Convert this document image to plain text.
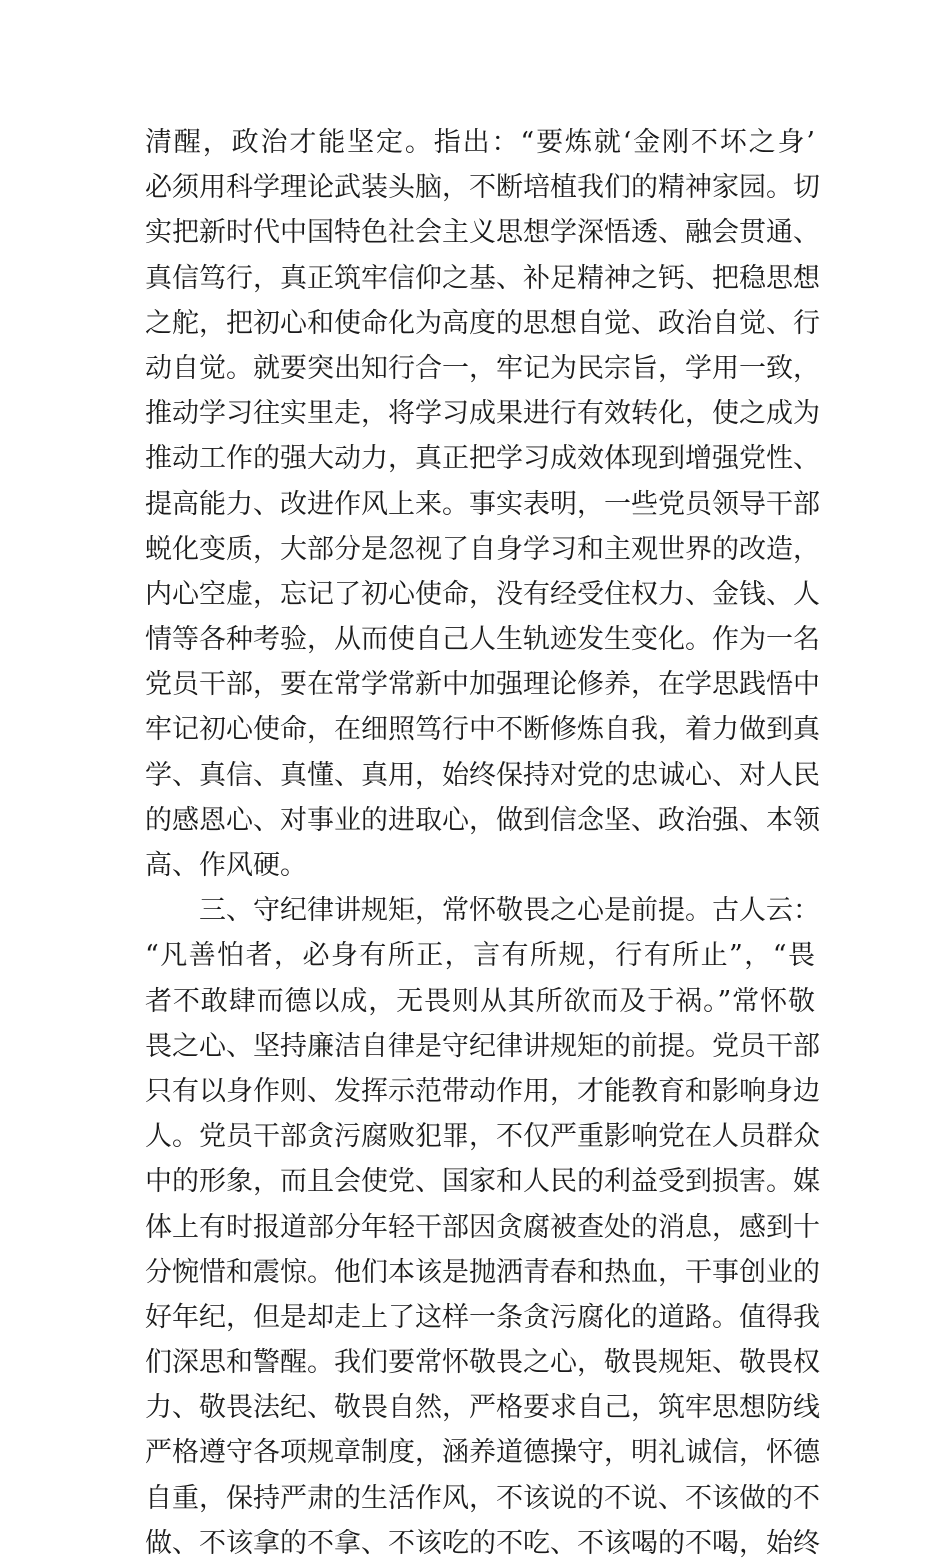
清醒，政治才能坚定。指出：“要炼就‘金刚不坏之身’
必须用科学理论武装头脑，不断培植我们的精神家园。切
实把新时代中国特色社会主义思想学深悟透、融会贯通、
真信笃行，真正筑牢信仰之基、补足精神之钙、把稳思想
之舵，把初心和使命化为高度的思想自觉、政治自觉、行
动自觉。就要突出知行合一，牢记为民宗旨，学用一致，
推动学习往实里走，将学习成果进行有效转化，使之成为
推动工作的强大动力，真正把学习成效体现到增强党性、
提高能力、改进作风上来。事实表明，一些党员领导干部
蜕化变质，大部分是忽视了自身学习和主观世界的改造，
内心空虚，忘记了初心使命，没有经受住权力、金钱、人
情等各种考验，从而使自己人生轨迹发生变化。作为一名
党员干部，要在常学常新中加强理论修养，在学思践悟中
牢记初心使命，在细照笃行中不断修炼自我，着力做到真
学、真信、真懂、真用，始终保持对党的忠诚心、对人民
的感恩心、对事业的进取心，做到信念坚、政治强、本领
高、作风硬。
　　三、守纪律讲规矩，常怀敬畏之心是前提。古人云：
“凡善怕者，必身有所正，言有所规，行有所止”，“畏
者不敢肆而德以成，无畏则从其所欲而及于祸。”常怀敬
畏之心、坚持廉洁自律是守纪律讲规矩的前提。党员干部
只有以身作则、发挥示范带动作用，才能教育和影响身边
人。党员干部贪污腐败犯罪，不仅严重影响党在人员群众
中的形象，而且会使党、国家和人民的利益受到损害。媒
体上有时报道部分年轻干部因贪腐被查处的消息，感到十
分惋惜和震惊。他们本该是抛洒青春和热血，干事创业的
好年纪，但是却走上了这样一条贪污腐化的道路。值得我
们深思和警醒。我们要常怀敬畏之心，敬畏规矩、敬畏权
力、敬畏法纪、敬畏自然，严格要求自己，筑牢思想防线
严格遵守各项规章制度，涵养道德操守，明礼诚信，怀德
自重，保持严肃的生活作风，不该说的不说、不该做的不
做、不该拿的不拿、不该吃的不吃、不该喝的不喝，始终
